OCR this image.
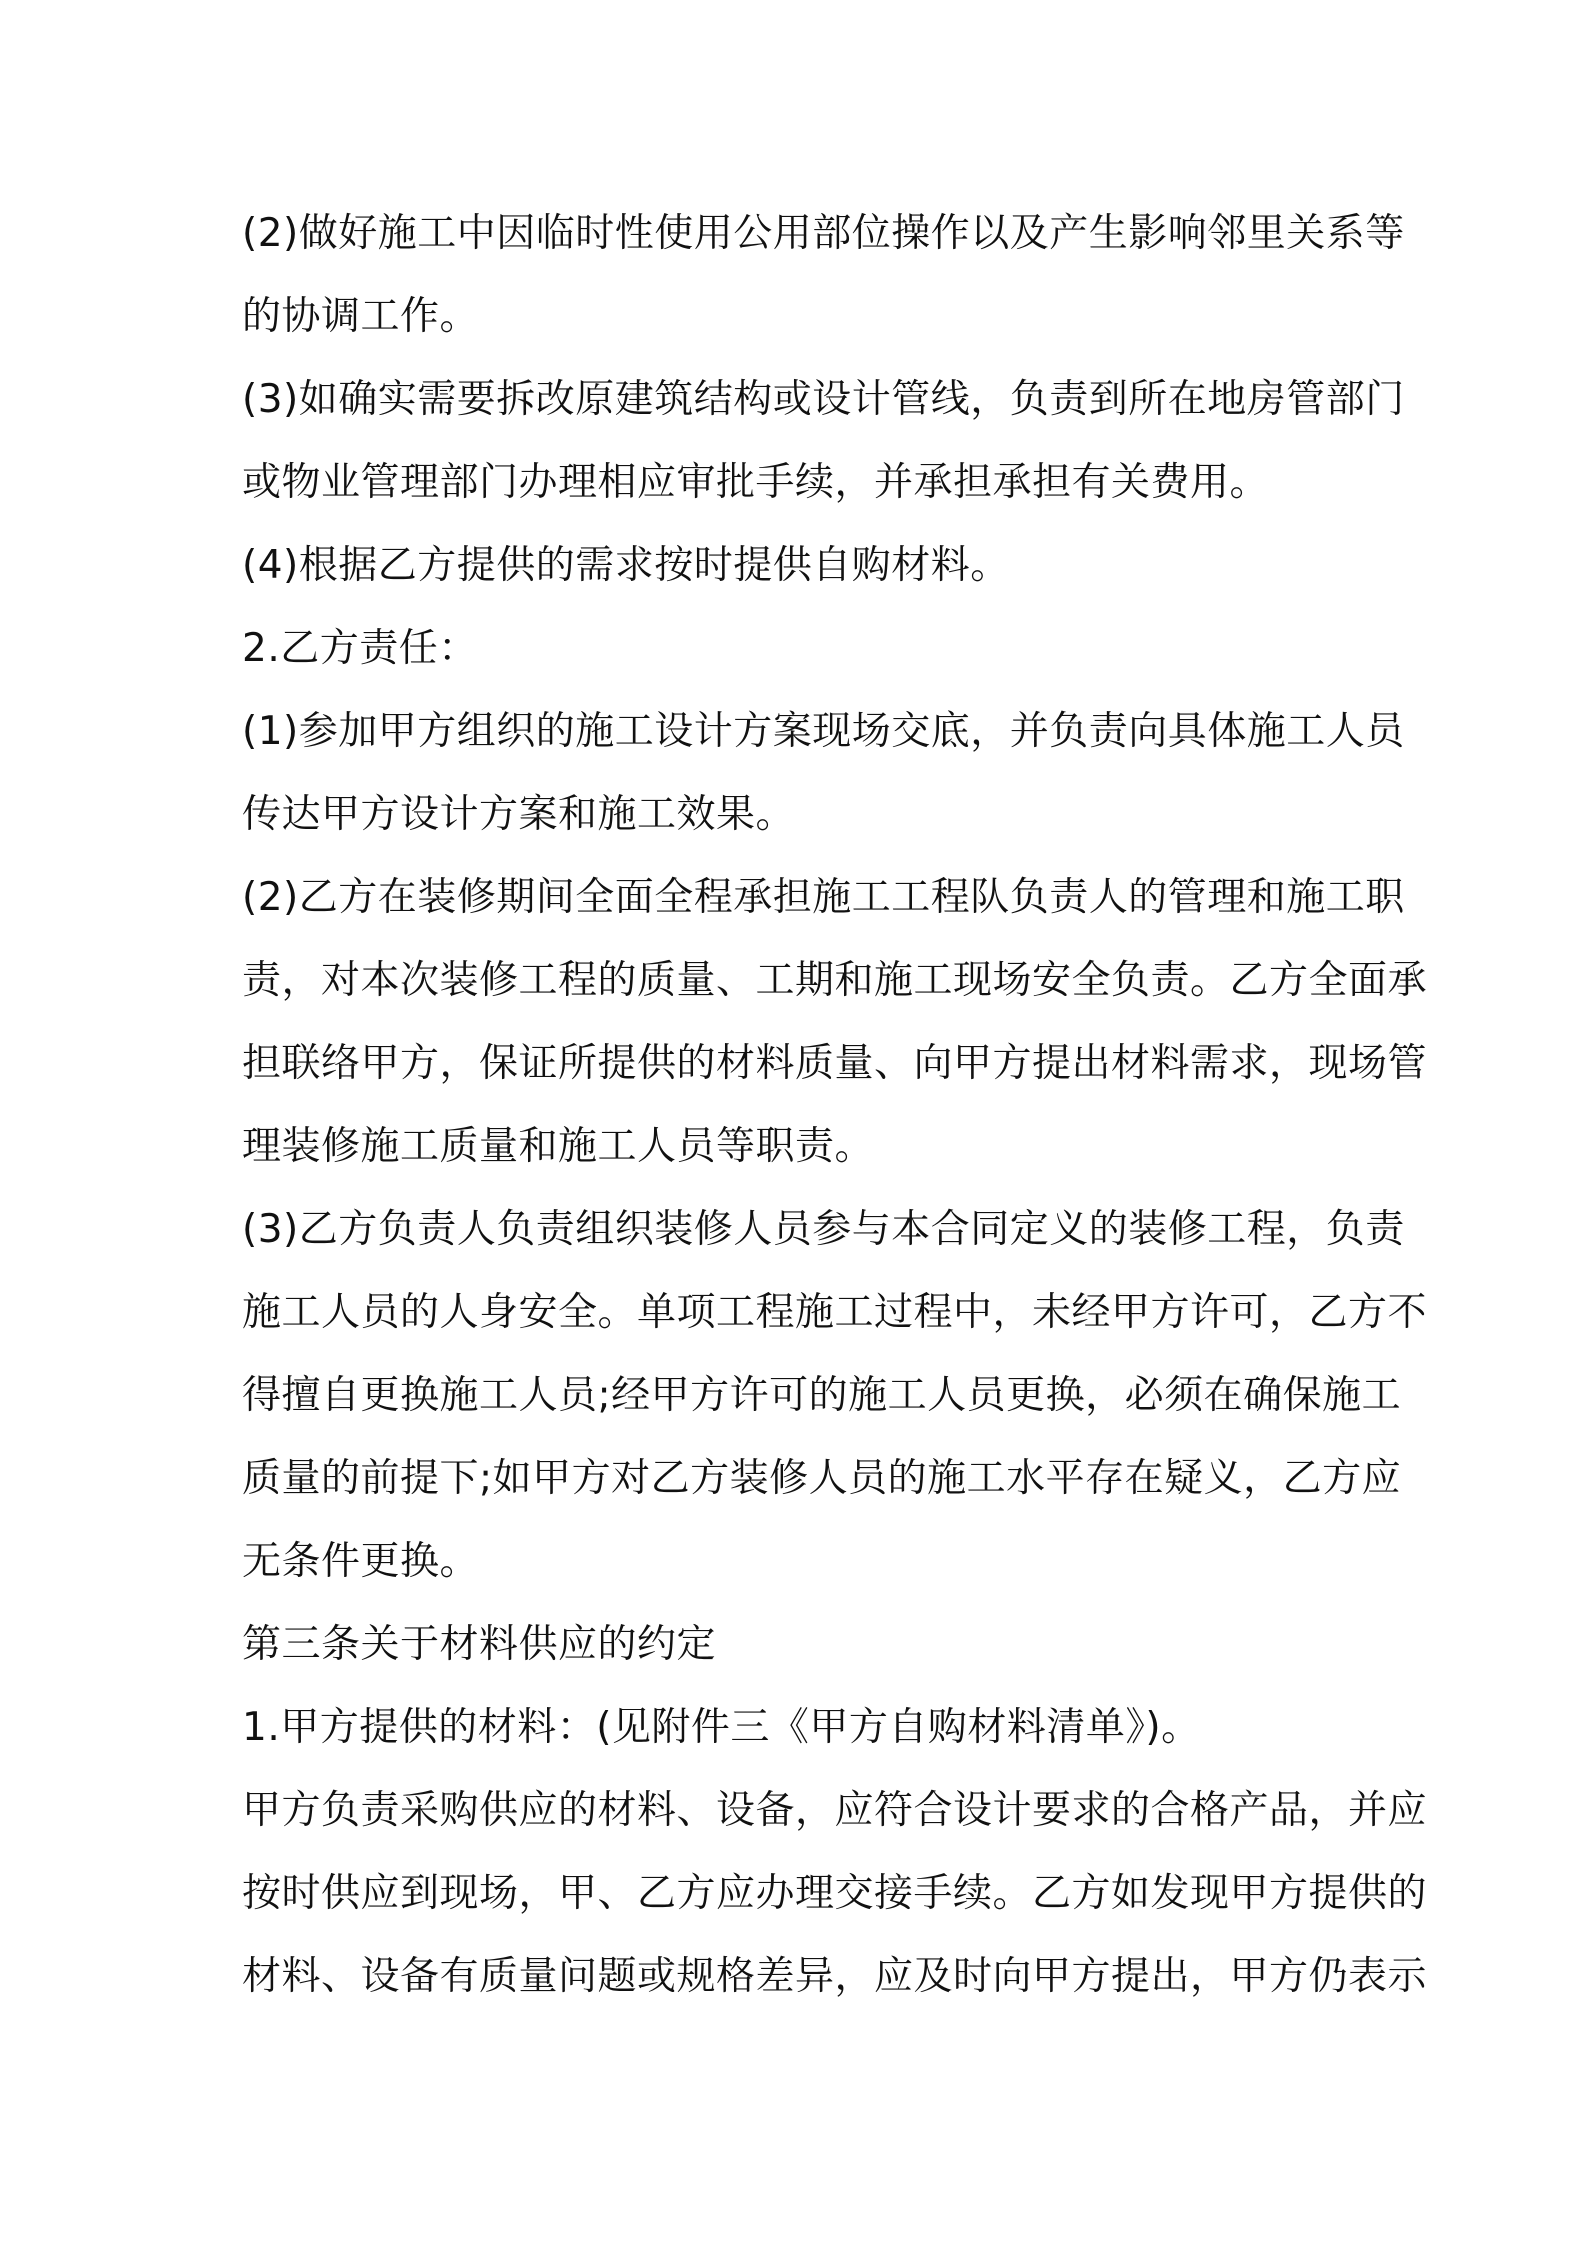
(2)做好施工中因临时性使用公用部位操作以及产生影响邻里关系等
的协调工作。
(3)如确实需要拆改原建筑结构或设计管线，负责到所在地房管部门
或物业管理部门办理相应审批手续，并承担承担有关费用。
(4)根据乙方提供的需求按时提供自购材料。
2.乙方责任：
(1)参加甲方组织的施工设计方案现场交底，并负责向具体施工人员
传达甲方设计方案和施工效果。
(2)乙方在装修期间全面全程承担施工工程队负责人的管理和施工职
责，对本次装修工程的质量、工期和施工现场安全负责。乙方全面承
担联络甲方，保证所提供的材料质量、向甲方提出材料需求，现场管
理装修施工质量和施工人员等职责。
(3)乙方负责人负责组织装修人员参与本合同定义的装修工程，负责
施工人员的人身安全。单项工程施工过程中，未经甲方许可，乙方不
得擅自更换施工人员;经甲方许可的施工人员更换，必须在确保施工
质量的前提下;如甲方对乙方装修人员的施工水平存在疑义，乙方应
无条件更换。
第三条关于材料供应的约定
1.甲方提供的材料：(见附件三《甲方自购材料清单》)。
甲方负责采购供应的材料、设备，应符合设计要求的合格产品，并应
按时供应到现场，甲、乙方应办理交接手续。乙方如发现甲方提供的
材料、设备有质量问题或规格差异，应及时向甲方提出，甲方仍表示
